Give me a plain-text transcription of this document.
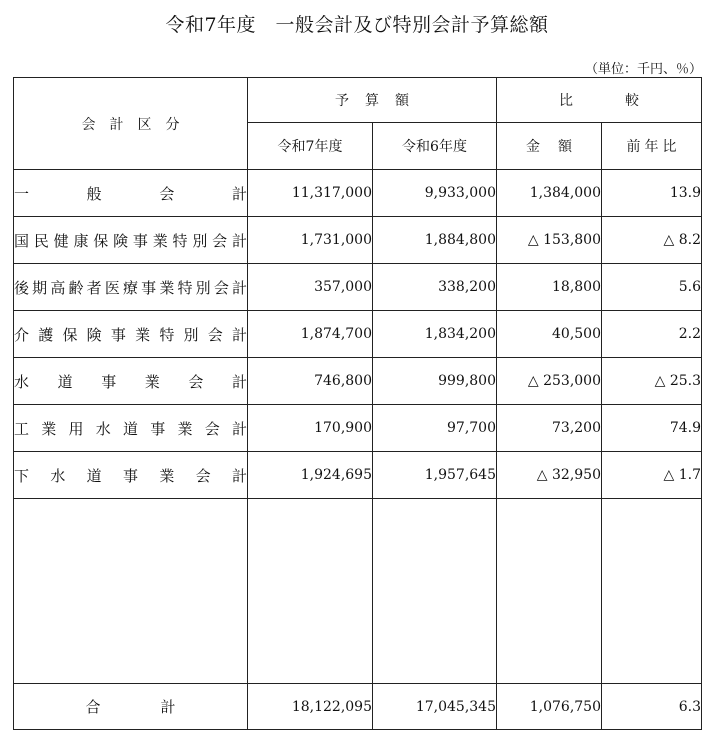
令和7年度　一般会計及び特別会計予算総額
（単位：千円、％）
会計区分	予算額		比較	
	令和7年度	令和6年度	金額	前年比
一般会計	11,317,000	9,933,000	1,384,000	13.9
国民健康保険事業特別会計	1,731,000	1,884,800	△ 153,800	△ 8.2
後期高齢者医療事業特別会計	357,000	338,200	18,800	5.6
介護保険事業特別会計	1,874,700	1,834,200	40,500	2.2
水道事業会計	746,800	999,800	△ 253,000	△ 25.3
工業用水道事業会計	170,900	97,700	73,200	74.9
下水道事業会計	1,924,695	1,957,645	△ 32,950	△ 1.7

合計	18,122,095	17,045,345	1,076,750	6.3
